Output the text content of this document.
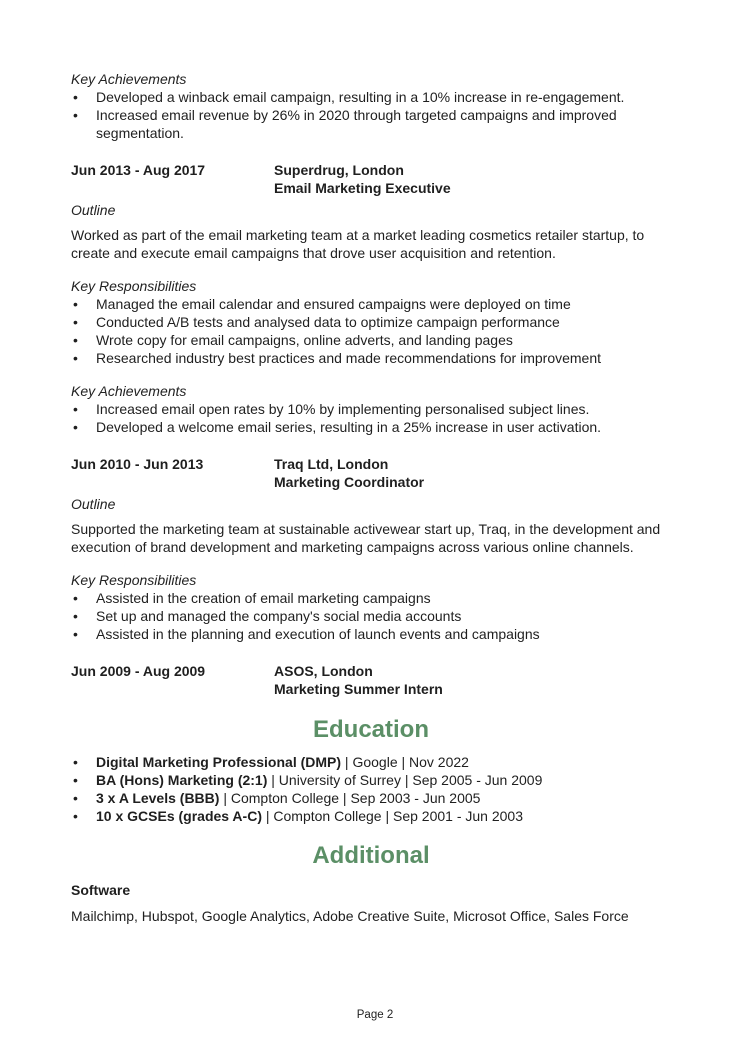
Key Achievements
• Developed a winback email campaign, resulting in a 10% increase in re-engagement.
• Increased email revenue by 26% in 2020 through targeted campaigns and improved segmentation.
Jun 2013 - Aug 2017	Superdrug, London
Email Marketing Executive
Outline
Worked as part of the email marketing team at a market leading cosmetics retailer startup, to create and execute email campaigns that drove user acquisition and retention.
Key Responsibilities
• Managed the email calendar and ensured campaigns were deployed on time
• Conducted A/B tests and analysed data to optimize campaign performance
• Wrote copy for email campaigns, online adverts, and landing pages
• Researched industry best practices and made recommendations for improvement
Key Achievements
• Increased email open rates by 10% by implementing personalised subject lines.
• Developed a welcome email series, resulting in a 25% increase in user activation.
Jun 2010 - Jun 2013	Traq Ltd, London
Marketing Coordinator
Outline
Supported the marketing team at sustainable activewear start up, Traq, in the development and execution of brand development and marketing campaigns across various online channels.
Key Responsibilities
• Assisted in the creation of email marketing campaigns
• Set up and managed the company's social media accounts
• Assisted in the planning and execution of launch events and campaigns
Jun 2009 - Aug 2009	ASOS, London
Marketing Summer Intern
Education
• Digital Marketing Professional (DMP) | Google | Nov 2022
• BA (Hons) Marketing (2:1) | University of Surrey | Sep 2005 - Jun 2009
• 3 x A Levels (BBB) | Compton College | Sep 2003 - Jun 2005
• 10 x GCSEs (grades A-C) | Compton College | Sep 2001 - Jun 2003
Additional
Software
Mailchimp, Hubspot, Google Analytics, Adobe Creative Suite, Microsot Office, Sales Force
Page 2
